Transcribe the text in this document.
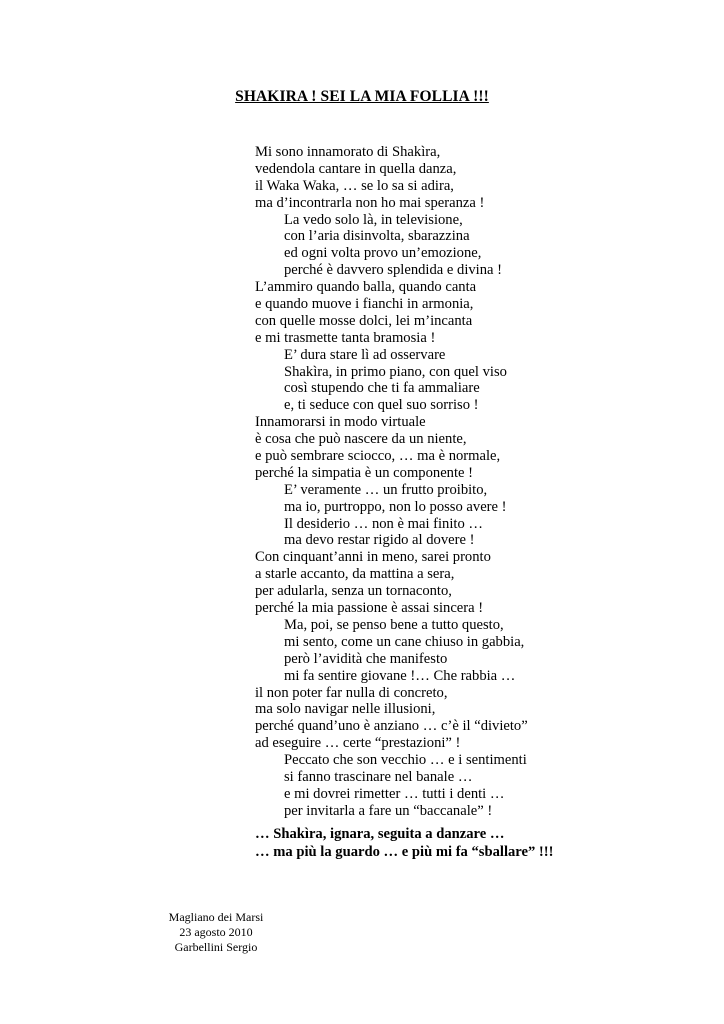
SHAKIRA ! SEI LA MIA FOLLIA !!!
Mi sono innamorato di Shakìra,
vedendola cantare in quella danza,
il Waka Waka, … se lo sa si adira,
ma d’incontrarla non ho mai speranza !
La vedo solo là, in televisione,
con l’aria disinvolta, sbarazzina
ed ogni volta provo un’emozione,
perché è davvero splendida e divina !
L’ammiro quando balla, quando canta
e quando muove i fianchi in armonia,
con quelle mosse dolci, lei m’incanta
e mi trasmette tanta bramosia !
E’ dura stare lì ad osservare
Shakìra, in primo piano, con quel viso
così stupendo che ti fa ammaliare
e, ti seduce con quel suo sorriso !
Innamorarsi in modo virtuale
è cosa che può nascere da un niente,
e può sembrare sciocco, … ma è normale,
perché la simpatia è un componente !
E’ veramente … un frutto proibito,
ma io, purtroppo, non lo posso avere !
Il desiderio … non è mai finito …
ma devo restar rigido al dovere !
Con cinquant’anni in meno, sarei pronto
a starle accanto, da mattina a sera,
per adularla, senza un tornaconto,
perché la mia passione è assai sincera !
Ma, poi, se penso bene a tutto questo,
mi sento, come un cane chiuso in gabbia,
però l’avidità che manifesto
mi fa sentire giovane !… Che rabbia …
il non poter far nulla di concreto,
ma solo navigar nelle illusioni,
perché quand’uno è anziano … c’è il “divieto”
ad eseguire … certe “prestazioni” !
Peccato che son vecchio … e i sentimenti
si fanno trascinare nel banale …
e mi dovrei rimetter … tutti i denti …
per invitarla a fare un “baccanale” !
… Shakìra, ignara, seguita a danzare …
… ma più la guardo … e più mi fa “sballare” !!!
Magliano dei Marsi
23 agosto 2010
Garbellini Sergio
